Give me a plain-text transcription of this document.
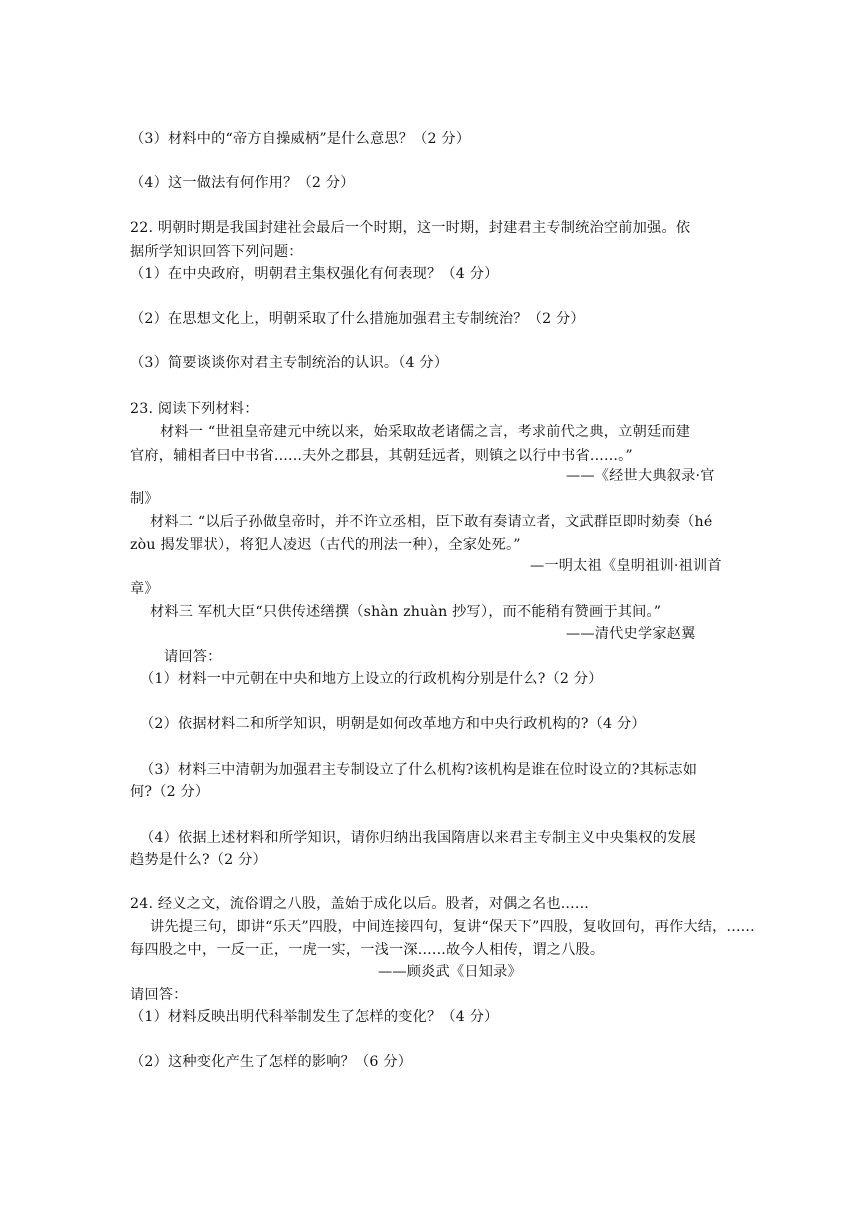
（3）材料中的“帝方自操威柄”是什么意思？（2 分）
（4）这一做法有何作用？（2 分）
22. 明朝时期是我国封建社会最后一个时期，这一时期，封建君主专制统治空前加强。依
据所学知识回答下列问题：
（1）在中央政府，明朝君主集权强化有何表现？（4 分）
（2）在思想文化上，明朝采取了什么措施加强君主专制统治？（2 分）
（3）简要谈谈你对君主专制统治的认识。（4 分）
23. 阅读下列材料：
材料一 “世祖皇帝建元中统以来，始采取故老诸儒之言，考求前代之典，立朝廷而建
官府，辅相者曰中书省......夫外之郡县，其朝廷远者，则镇之以行中书省......。”
——《经世大典叙录·官
制》
材料二 “以后子孙做皇帝时，并不许立丞相，臣下敢有奏请立者，文武群臣即时劾奏（hé
zòu 揭发罪状），将犯人凌迟（古代的刑法一种），全家处死。”
—一明太祖《皇明祖训·祖训首
章》
材料三 军机大臣“只供传述缮撰（shàn zhuàn 抄写），而不能稍有赞画于其间。”
——清代史学家赵翼
请回答：
（1）材料一中元朝在中央和地方上设立的行政机构分别是什么?（2 分）
（2）依据材料二和所学知识，明朝是如何改革地方和中央行政机构的?（4 分）
（3）材料三中清朝为加强君主专制设立了什么机构?该机构是谁在位时设立的?其标志如
何?（2 分）
（4）依据上述材料和所学知识，请你归纳出我国隋唐以来君主专制主义中央集权的发展
趋势是什么?（2 分）
24. 经义之文，流俗谓之八股，盖始于成化以后。股者，对偶之名也......
讲先提三句，即讲“乐天”四股，中间连接四句，复讲“保天下”四股，复收回句，再作大结，......
每四股之中，一反一正，一虎一实，一浅一深......故今人相传，谓之八股。
——顾炎武《日知录》
请回答：
（1）材料反映出明代科举制发生了怎样的变化？（4 分）
（2）这种变化产生了怎样的影响？（6 分）
